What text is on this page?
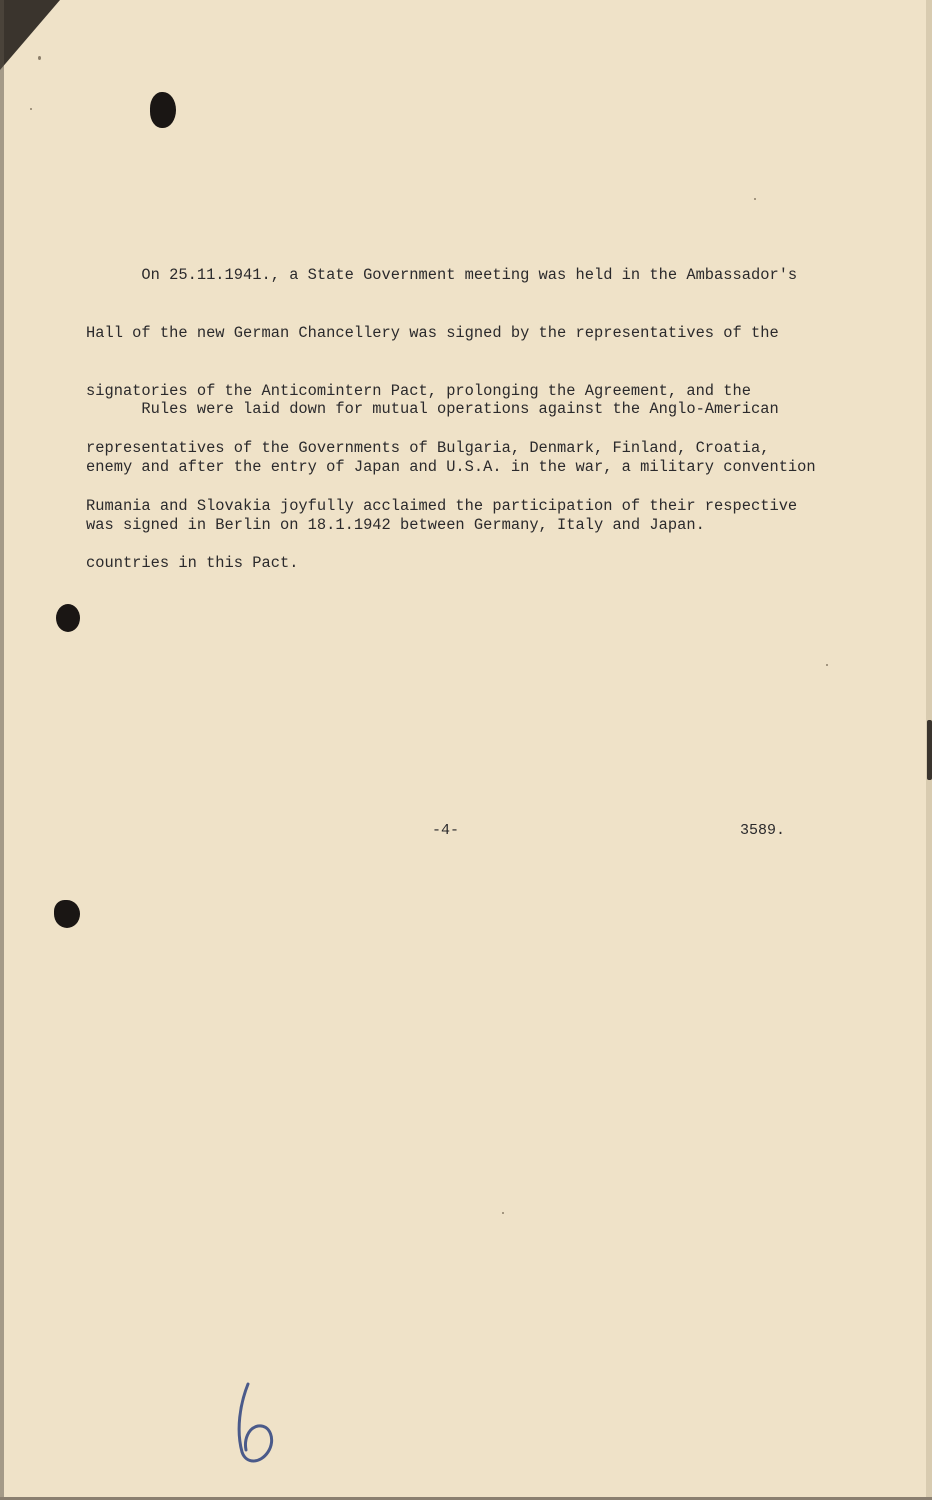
On 25.11.1941., a State Government meeting was held in the Ambassador's

Hall of the new German Chancellery was signed by the representatives of the

signatories of the Anticomintern Pact, prolonging the Agreement, and the

representatives of the Governments of Bulgaria, Denmark, Finland, Croatia,

Rumania and Slovakia joyfully acclaimed the participation of their respective

countries in this Pact.

Rules were laid down for mutual operations against the Anglo-American

enemy and after the entry of Japan and U.S.A. in the war, a military convention

was signed in Berlin on 18.1.1942 between Germany, Italy and Japan.

-4-	3589.
